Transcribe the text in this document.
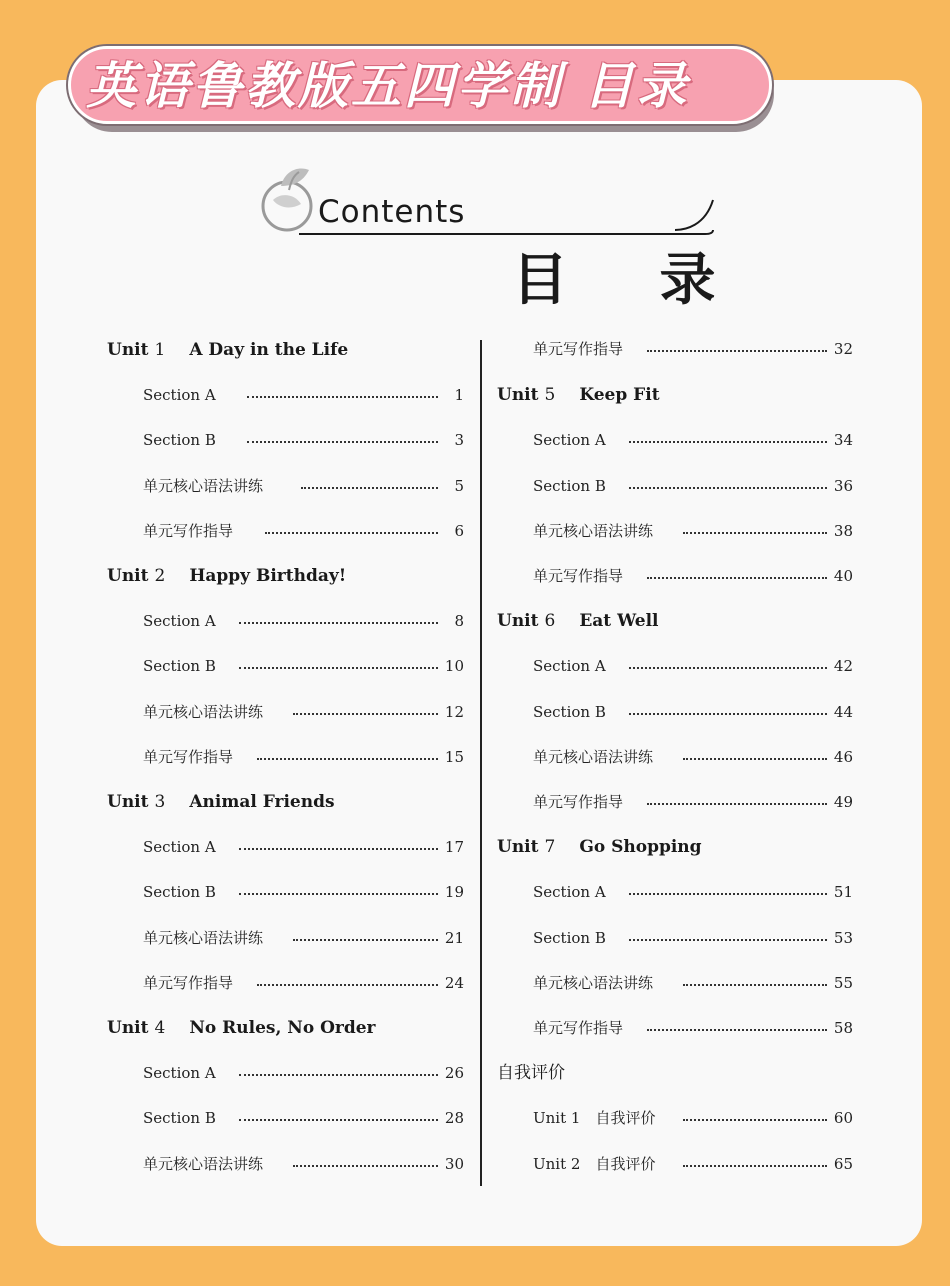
英语鲁教版五四学制 目录
Contents
目 录
Unit 1 A Day in the Life
Section A	1
Section B	3
单元核心语法讲练	5
单元写作指导	6
Unit 2 Happy Birthday!
Section A	8
Section B	10
单元核心语法讲练	12
单元写作指导	15
Unit 3 Animal Friends
Section A	17
Section B	19
单元核心语法讲练	21
单元写作指导	24
Unit 4 No Rules, No Order
Section A	26
Section B	28
单元核心语法讲练	30
单元写作指导	32
Unit 5 Keep Fit
Section A	34
Section B	36
单元核心语法讲练	38
单元写作指导	40
Unit 6 Eat Well
Section A	42
Section B	44
单元核心语法讲练	46
单元写作指导	49
Unit 7 Go Shopping
Section A	51
Section B	53
单元核心语法讲练	55
单元写作指导	58
自我评价
Unit 1　自我评价	60
Unit 2　自我评价	65
